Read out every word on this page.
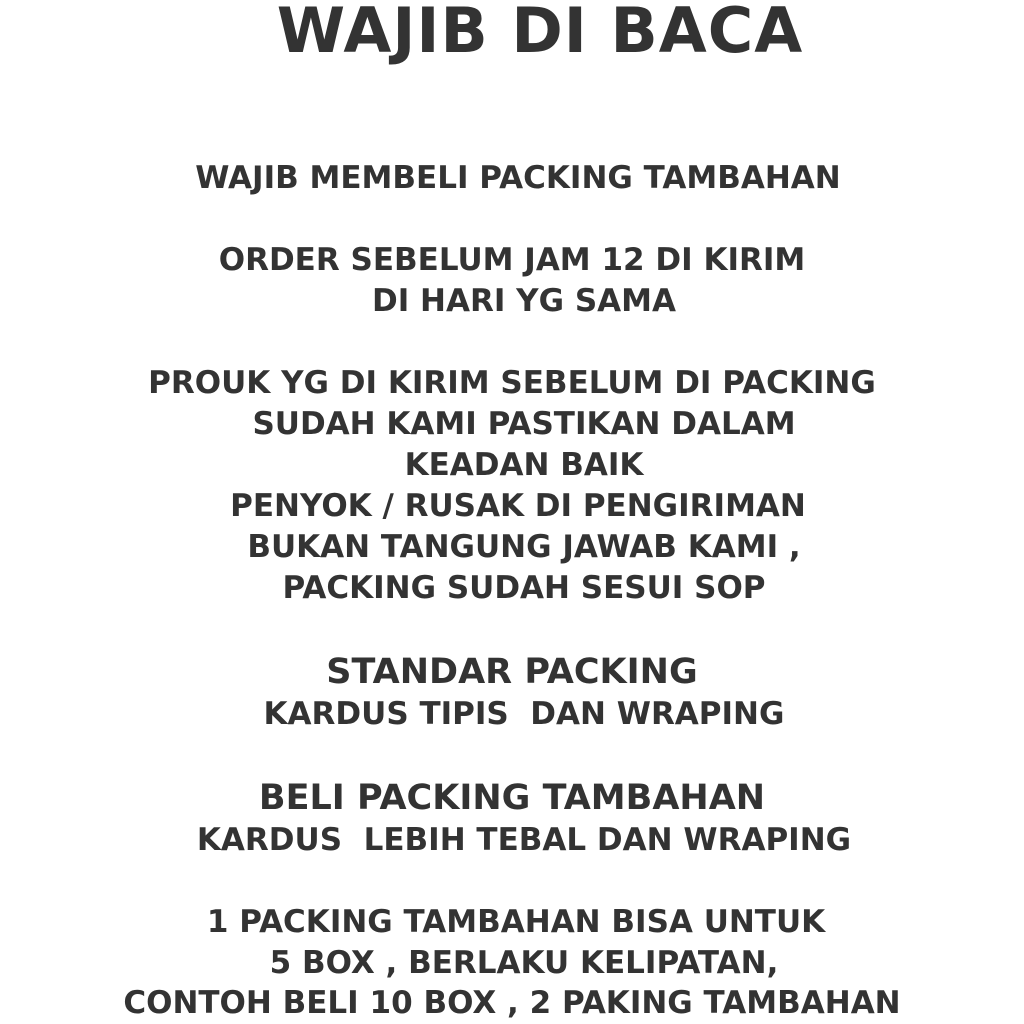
WAJIB DI BACA
WAJIB MEMBELI PACKING TAMBAHAN
ORDER SEBELUM JAM 12 DI KIRIM
DI HARI YG SAMA
PROUK YG DI KIRIM SEBELUM DI PACKING
SUDAH KAMI PASTIKAN DALAM
KEADAN BAIK
PENYOK / RUSAK DI PENGIRIMAN
BUKAN TANGUNG JAWAB KAMI ,
PACKING SUDAH SESUI SOP
STANDAR PACKING
KARDUS TIPIS  DAN WRAPING
BELI PACKING TAMBAHAN
KARDUS  LEBIH TEBAL DAN WRAPING
1 PACKING TAMBAHAN BISA UNTUK
5 BOX , BERLAKU KELIPATAN,
CONTOH BELI 10 BOX , 2 PAKING TAMBAHAN
